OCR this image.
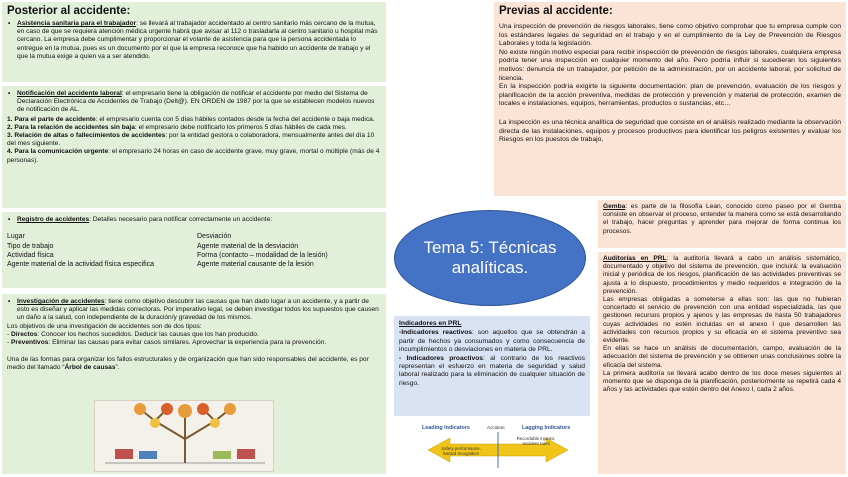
Posterior al accidente:
• Asistencia sanitaria para el trabajador: se llevará al trabajador accidentado al centro sanitario más cercano de la mutua, en caso de que se requiera atención médica urgente habrá que avisar al 112 o trasladarla al centro sanitario u hospital más cercano. La empresa debe cumplimentar y proporcionar el volante de asistencia para que la persona accidentada lo entregue en la mutua, pues es un documento por el que la empresa reconoce que ha habido un accidente de trabajo y el que la mutua exige a quien va a ser atendido.
• Notificación del accidente laboral: el empresario tiene la obligación de notificar el accidente por medio del Sistema de Declaración Electrónica de Accidentes de Trabajo (Delt@). EN ORDEN de 1987 por la que se establecen modelos nuevos de notificación de AL.

1. Para el parte de accidente: el empresario cuenta con 5 días hábiles contados desde la fecha del accidente o baja medica.

2. Para la relación de accidentes sin baja: el empresario debe notificarlo los primeros 5 días hábiles de cada mes.

3. Relación de altas o fallecimientos de accidentes: por la entidad gestora o colaboradora, mensualmente antes del día 10 del mes siguiente.

4. Para la comunicación urgente: el empresario 24 horas en caso de accidente grave, muy grave, mortal o múltiple (más de 4 personas).

• Registro de accidentes: Detalles necesario para notificar correctamente un accidente:
Lugar
Tipo de trabajo
Actividad física
Agente material de la actividad física especifica
Desviación
Agente material de la desviación
Forma (contacto – modalidad de la lesión)
Agente material causante de la lesión
• Investigación de accidentes: tiene como objetivo descubrir las causas que han dado lugar a un accidente, y a partir de esto es diseñar y aplicar las medidas correctoras. Por imperativo legal, se deben investigar todos los supuestos que causen un daño a la salud, con independiente de la duración/y gravedad de los mismos.

Los objetivos de una investigación de accidentes son de dos tipos:

- Directos: Conocer los hechos sucedidos. Deducir las causas que los han producido.

- Preventivos: Eliminar las causas para evitar casos similares. Aprovechar la experiencia para la prevención.

Una de las formas para organizar los fallos estructurales y de organización que han sido responsables del accidente, es por medio del llamado “Árbol de causas”.

Tema 5: Técnicas analíticas.

Indicadores en PRL

-Indicadores reactivos: son aquellos que se obtendrán a partir de hechos ya consumados y como consecuencia de incumplimientos o desviaciones en materia de PRL.

- Indicadores proactivos: al contrario de los reactivos representan el esfuerzo en materia de seguridad y salud laboral realizado para la eliminación de cualquier situación de riesgo.

Leading Indicators
Safety performance, hazard recognition
Accident	Lagging Indicators
Recordable injuries, accident rates
Previas al accidente:

Una inspección de prevención de riesgos laborales, tiene como objetivo comprobar que tu empresa cumple con los estándares legales de seguridad en el trabajo y en el cumplimiento de la Ley de Prevención de Riesgos Laborales y toda la legislación.

No existe ningún motivo especial para recibir inspección de prevención de riesgos laborales, cualquiera empresa podría tener una inspección en cualquier momento del año. Pero podría influir si sucedieran los siguientes motivos: denuncia de un trabajador, por petición de la administración, por un accidente laboral, por solicitud de licencia.

En la inspección podría exigirte la siguiente documentación: plan de prevención, evaluación de los riesgos y planificación de la acción preventiva, medidas de protección y prevención y material de protección, examen de locales e instalaciones, equipos, herramientas, productos o sustancias, etc…

La inspección es una técnica analítica de seguridad que consiste en el análisis realizado mediante la observación directa de las instalaciones, equipos y procesos productivos para identificar los peligros existentes y evaluar los Riesgos en los puestos de trabajo,

Gemba: es parte de la filosofía Lean, conocido como paseo por el Gemba consiste en observar el proceso, entender la manera como se está desarrollando el trabajo, hacer preguntas y aprender para mejorar de forma continua los procesos.

Auditorías en PRL: la auditoría llevará a cabo un análisis sistemático, documentado y objetivo del sistema de prevención, que incluirá: la evaluación inicial y periódica de los riesgos, planificación de las actividades preventivas se ajusta a lo dispuesto, procedimientos y medio requeridos e integración de la prevención.

Las empresas obligadas a someterse a ellas son: las que no hubieran concertado el servicio de prevención con una entidad especializada, las que gestionen recursos propios y ajenos y las empresas de hasta 50 trabajadores cuyas actividades no estén incluidas en el anexo I que desarrollen las actividades con recursos propios y su eficacia en el sistema preventivo sea evidente.

En ellas se hace un análisis de documentación, campo, evaluación de la adecuación del sistema de prevención y se obtienen unas conclusiones sobre la eficacia del sistema.

La primera auditoría se llevará acabo dentro de los doce meses siguientes al momento que se disponga de la planificación, posteriormente se repetirá cada 4 años y las actividades que estén dentro del Anexo I, cada 2 años.
